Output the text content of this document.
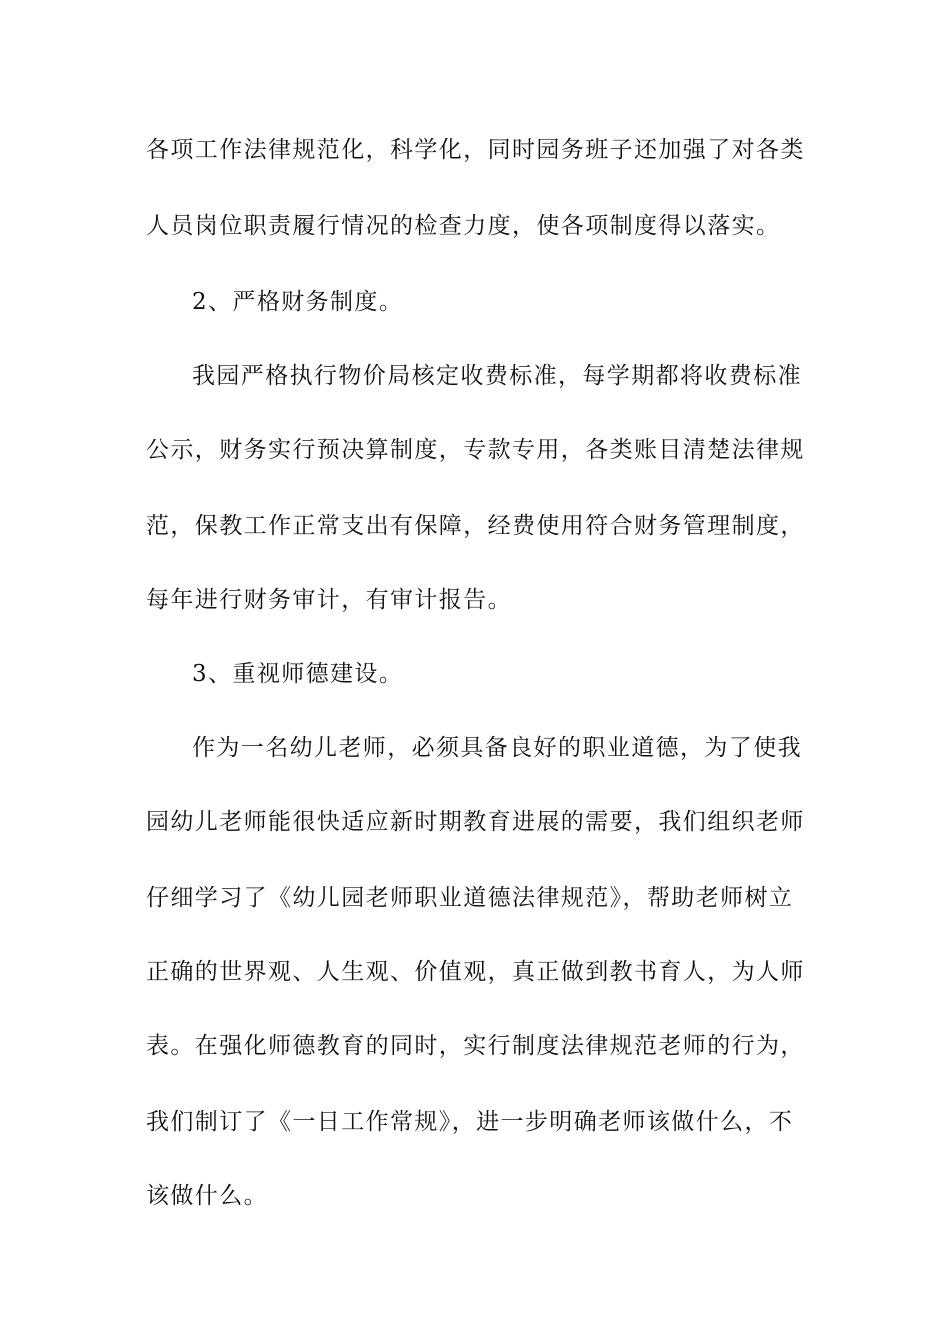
各项工作法律规范化，科学化，同时园务班子还加强了对各类
人员岗位职责履行情况的检查力度，使各项制度得以落实。
2、严格财务制度。
我园严格执行物价局核定收费标准，每学期都将收费标准
公示，财务实行预决算制度，专款专用，各类账目清楚法律规
范，保教工作正常支出有保障，经费使用符合财务管理制度，
每年进行财务审计，有审计报告。
3、重视师德建设。
作为一名幼儿老师，必须具备良好的职业道德，为了使我
园幼儿老师能很快适应新时期教育进展的需要，我们组织老师
仔细学习了《幼儿园老师职业道德法律规范》，帮助老师树立
正确的世界观、人生观、价值观，真正做到教书育人，为人师
表。在强化师德教育的同时，实行制度法律规范老师的行为，
我们制订了《一日工作常规》，进一步明确老师该做什么，不
该做什么。
